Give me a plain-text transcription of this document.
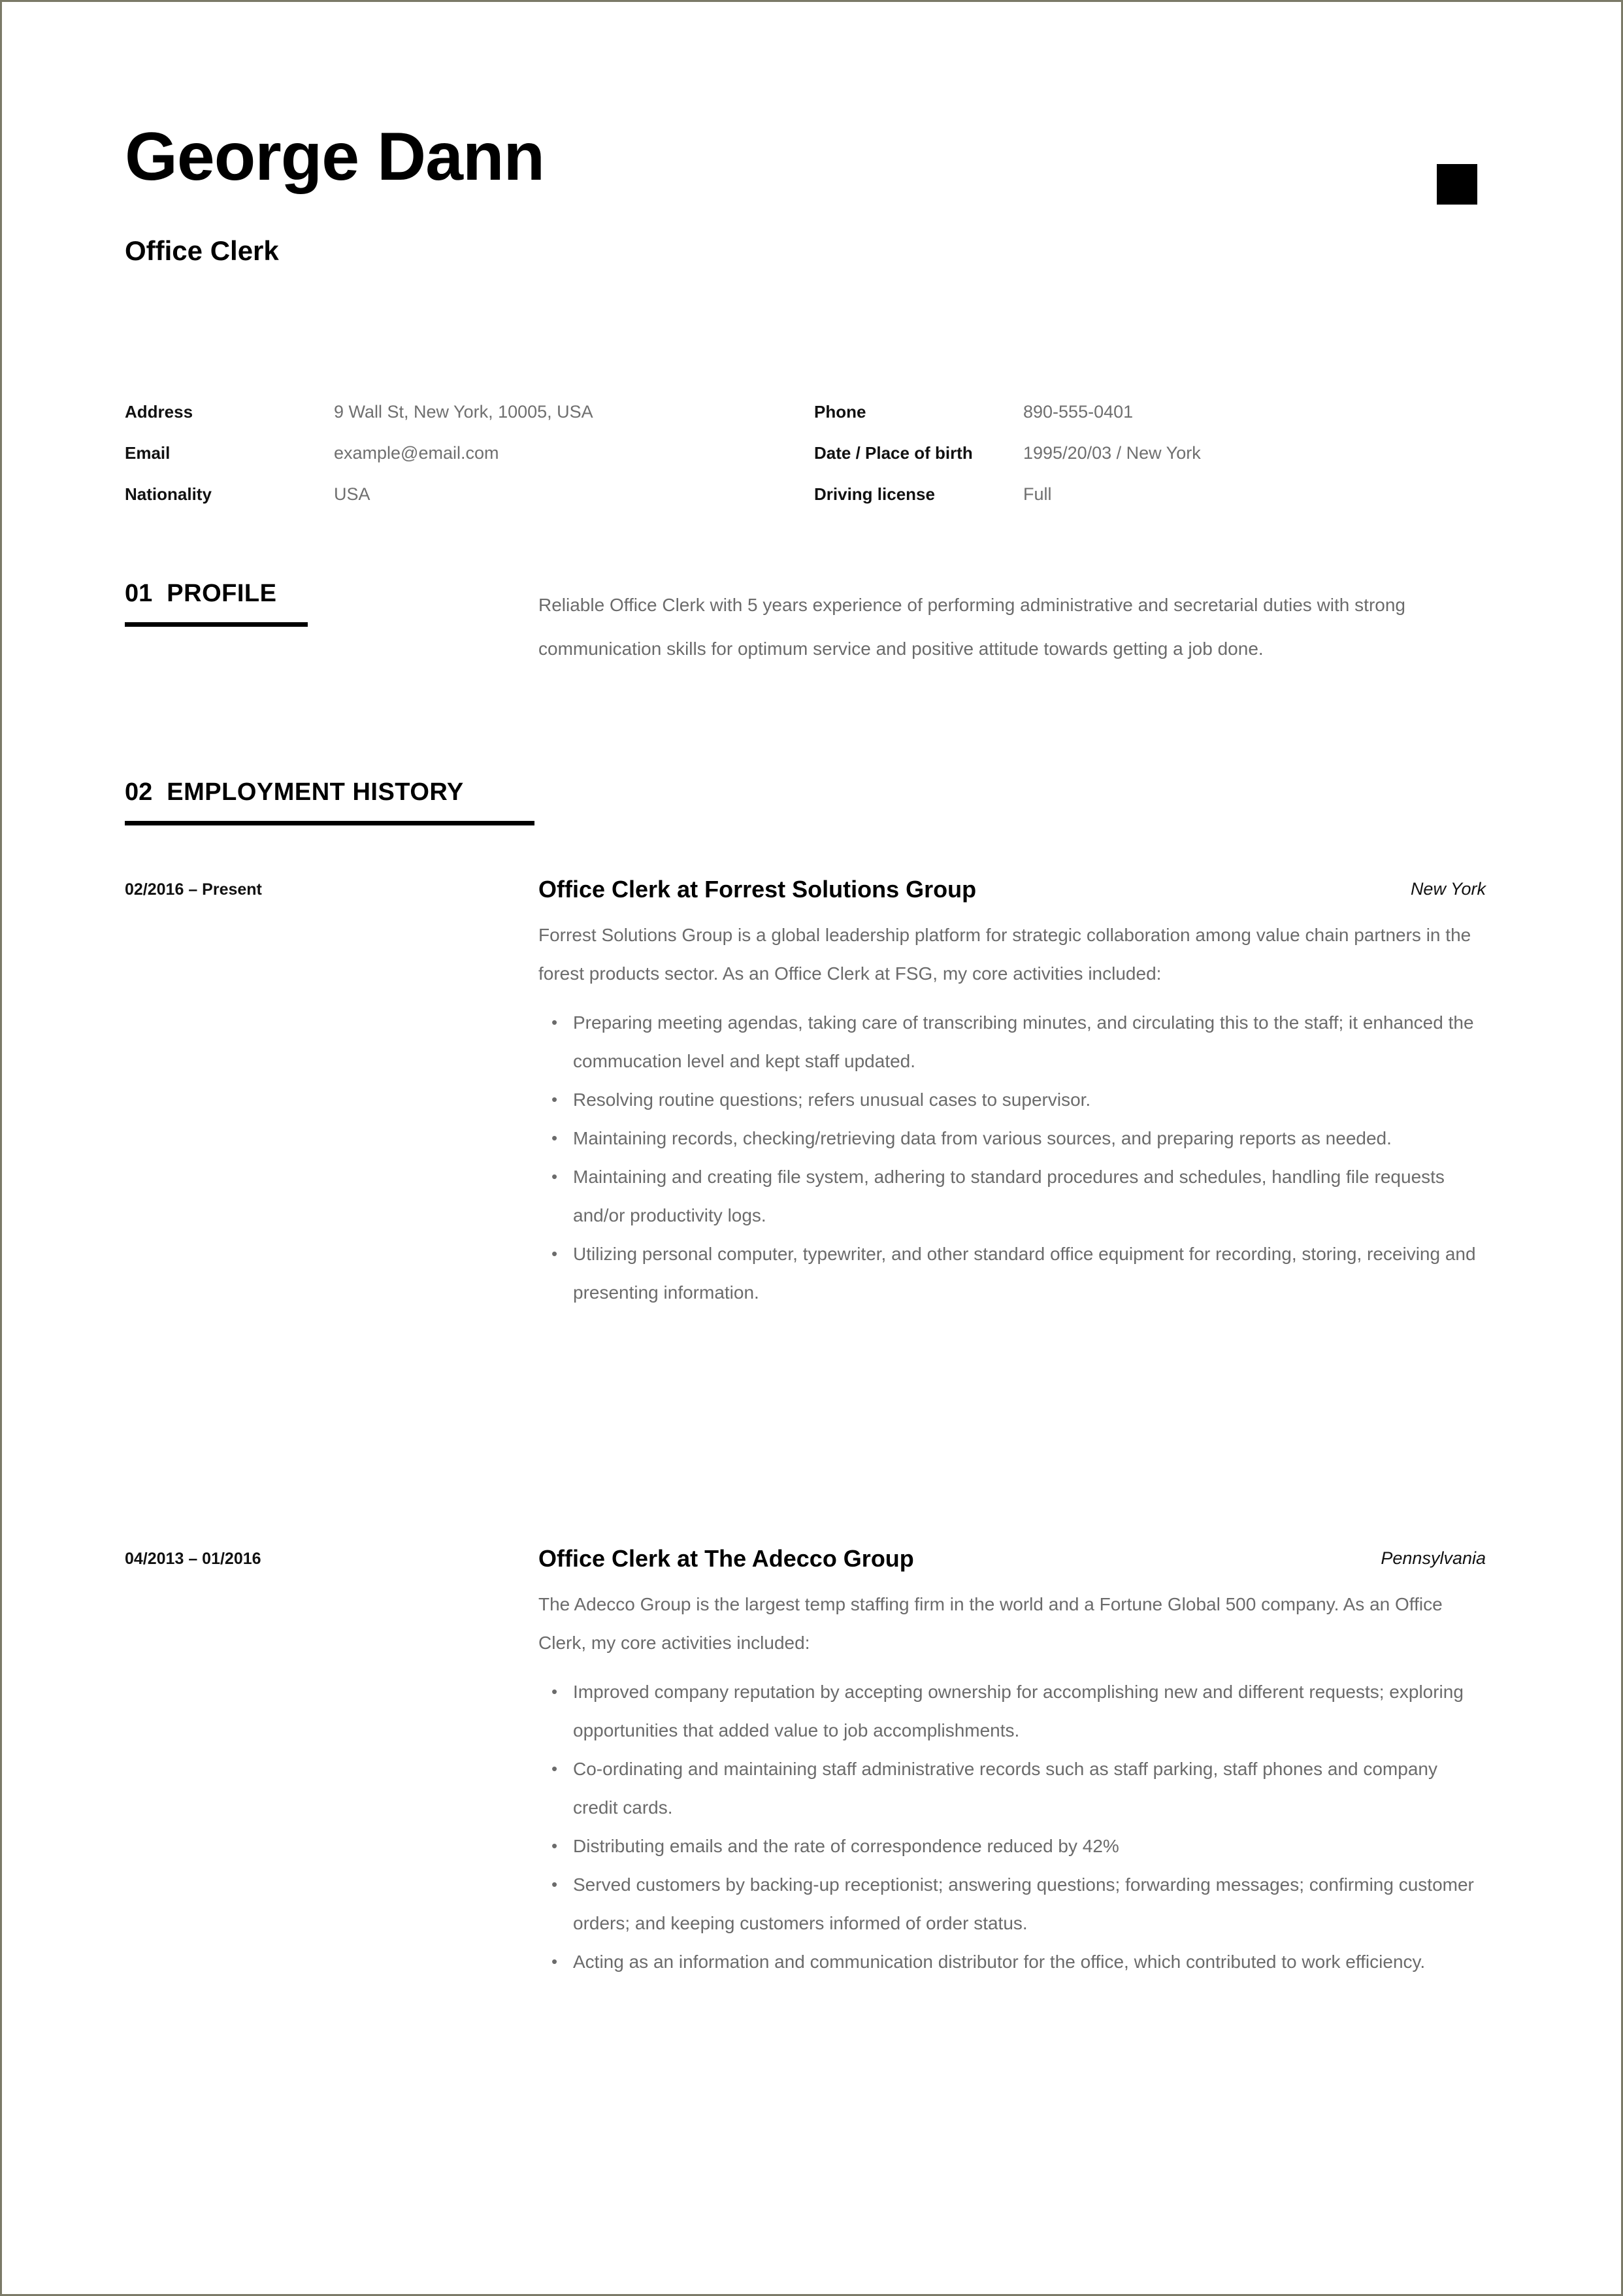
George Dann
Office Clerk
Address	9 Wall St, New York, 10005, USA
Email	example@email.com
Nationality	USA
Phone	890-555-0401
Date / Place of birth	1995/20/03 / New York
Driving license	Full
01 PROFILE	Reliable Office Clerk with 5 years experience of performing administrative and secretarial duties with strong communication skills for optimum service and positive attitude towards getting a job done.
02 EMPLOYMENT HISTORY
02/2016 – Present	Office Clerk at Forrest Solutions Group	New York

Forrest Solutions Group is a global leadership platform for strategic collaboration among value chain partners in the forest products sector. As an Office Clerk at FSG, my core activities included:

• Preparing meeting agendas, taking care of transcribing minutes, and circulating this to the staff; it enhanced the commucation level and kept staff updated.
• Resolving routine questions; refers unusual cases to supervisor.
• Maintaining records, checking/retrieving data from various sources, and preparing reports as needed.
• Maintaining and creating file system, adhering to standard procedures and schedules, handling file requests and/or productivity logs.
• Utilizing personal computer, typewriter, and other standard office equipment for recording, storing, receiving and presenting information.
04/2013 – 01/2016	Office Clerk at The Adecco Group	Pennsylvania

The Adecco Group is the largest temp staffing firm in the world and a Fortune Global 500 company. As an Office Clerk, my core activities included:

• Improved company reputation by accepting ownership for accomplishing new and different requests; exploring opportunities that added value to job accomplishments.
• Co-ordinating and maintaining staff administrative records such as staff parking, staff phones and company credit cards.
• Distributing emails and the rate of correspondence reduced by 42%
• Served customers by backing-up receptionist; answering questions; forwarding messages; confirming customer orders; and keeping customers informed of order status.
• Acting as an information and communication distributor for the office, which contributed to work efficiency.
